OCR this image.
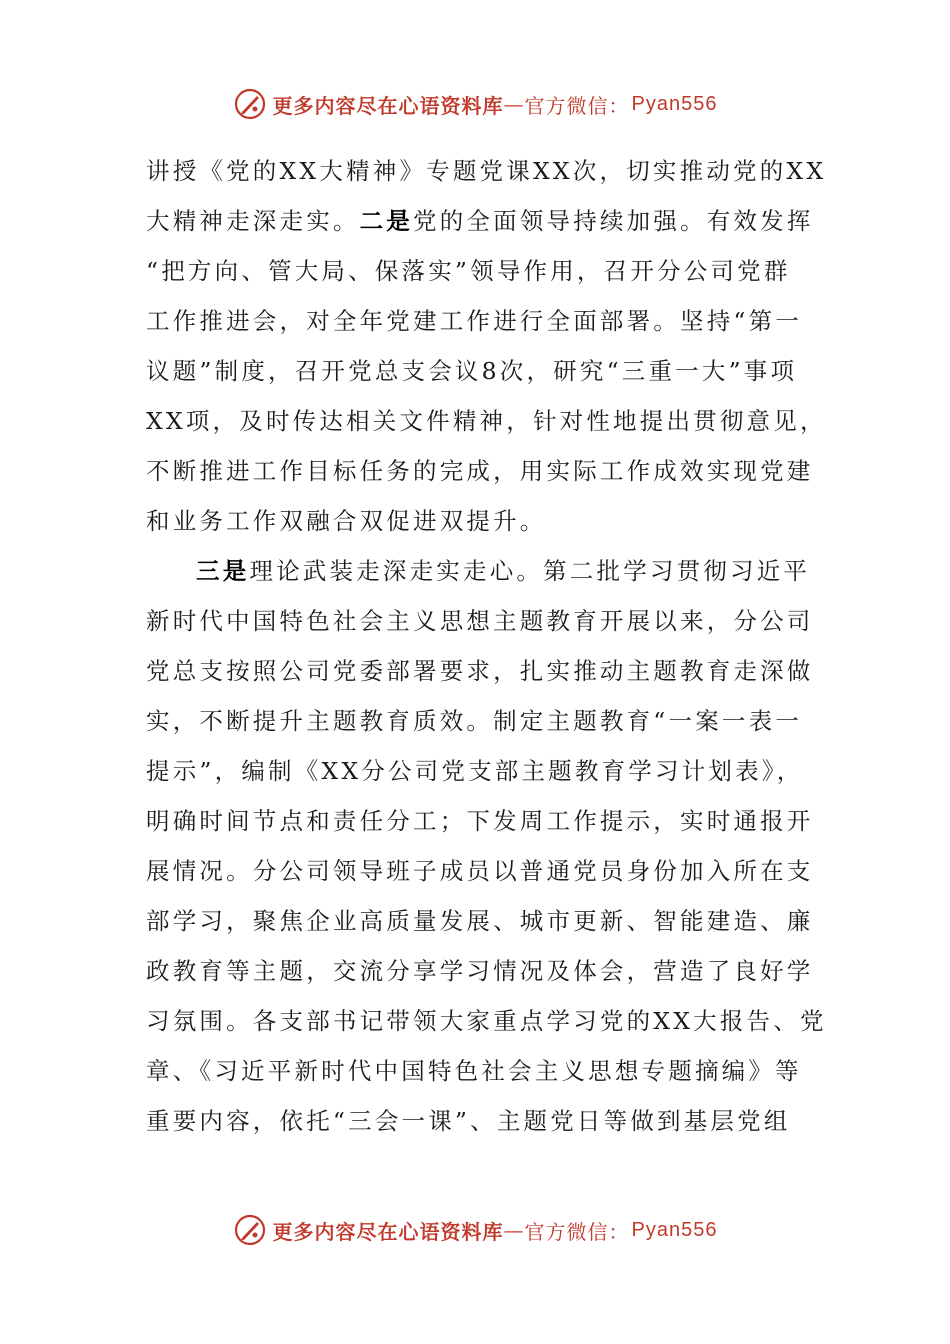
更多内容尽在心语资料库 — 官方微信： Pyan556
讲授《党的XX大精神》专题党课XX次，切实推动党的XX
大精神走深走实。二是党的全面领导持续加强。有效发挥
“把方向、管大局、保落实”领导作用，召开分公司党群
工作推进会，对全年党建工作进行全面部署。坚持“第一
议题”制度，召开党总支会议8次，研究“三重一大”事项
XX项，及时传达相关文件精神，针对性地提出贯彻意见，
不断推进工作目标任务的完成，用实际工作成效实现党建
和业务工作双融合双促进双提升。
三是理论武装走深走实走心。第二批学习贯彻习近平
新时代中国特色社会主义思想主题教育开展以来，分公司
党总支按照公司党委部署要求，扎实推动主题教育走深做
实，不断提升主题教育质效。制定主题教育“一案一表一
提示”，编制《XX分公司党支部主题教育学习计划表》，
明确时间节点和责任分工；下发周工作提示，实时通报开
展情况。分公司领导班子成员以普通党员身份加入所在支
部学习，聚焦企业高质量发展、城市更新、智能建造、廉
政教育等主题，交流分享学习情况及体会，营造了良好学
习氛围。各支部书记带领大家重点学习党的XX大报告、党
章、《习近平新时代中国特色社会主义思想专题摘编》等
重要内容，依托“三会一课”、主题党日等做到基层党组
更多内容尽在心语资料库 — 官方微信： Pyan556
